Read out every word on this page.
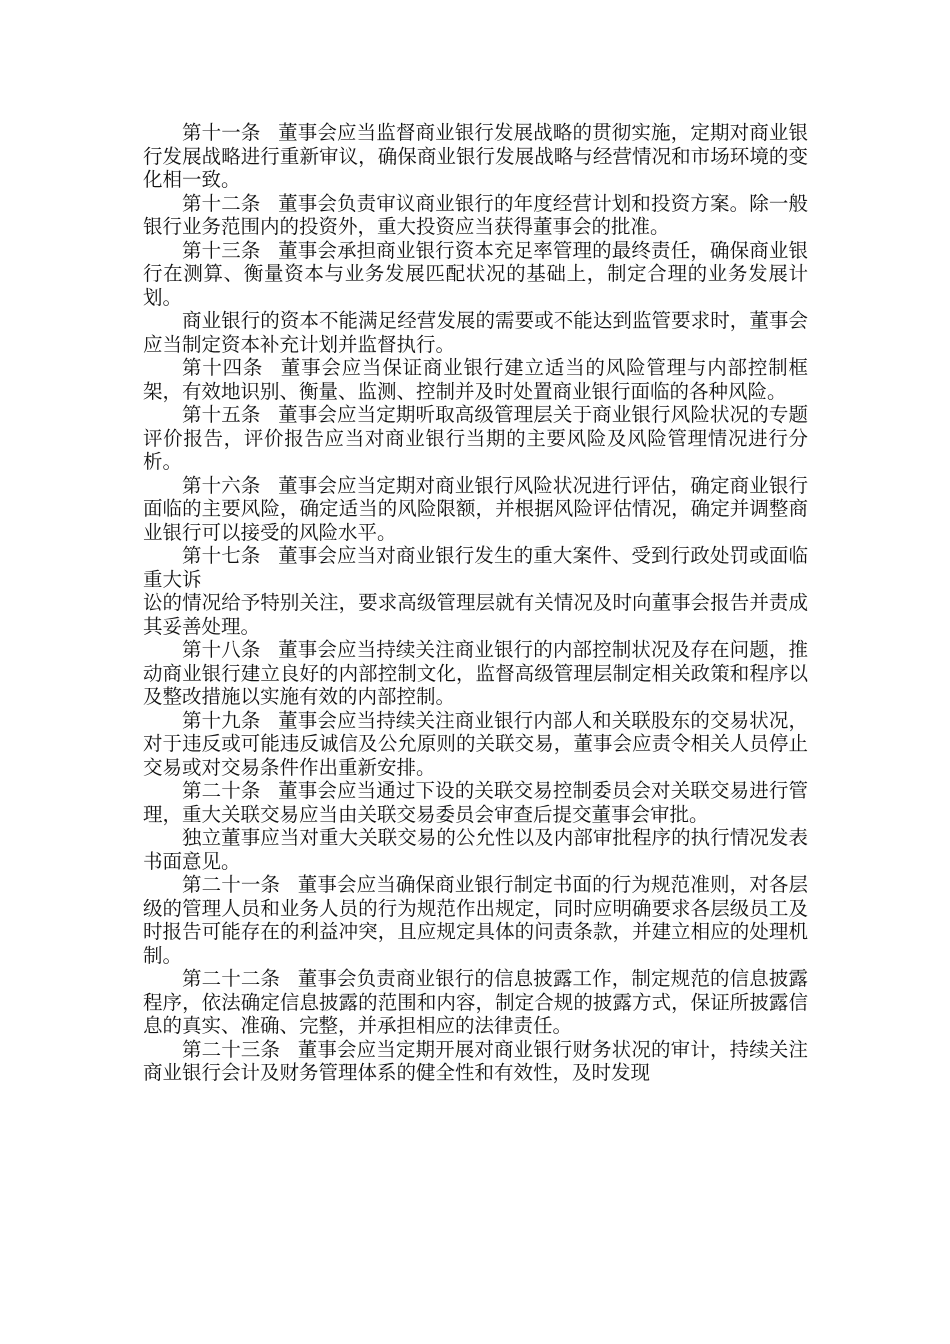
第十一条 董事会应当监督商业银行发展战略的贯彻实施，定期对商业银行发展战略进行重新审议，确保商业银行发展战略与经营情况和市场环境的变化相一致。

第十二条 董事会负责审议商业银行的年度经营计划和投资方案。除一般银行业务范围内的投资外，重大投资应当获得董事会的批准。

第十三条 董事会承担商业银行资本充足率管理的最终责任，确保商业银行在测算、衡量资本与业务发展匹配状况的基础上，制定合理的业务发展计划。

商业银行的资本不能满足经营发展的需要或不能达到监管要求时，董事会应当制定资本补充计划并监督执行。

第十四条 董事会应当保证商业银行建立适当的风险管理与内部控制框架，有效地识别、衡量、监测、控制并及时处置商业银行面临的各种风险。

第十五条 董事会应当定期听取高级管理层关于商业银行风险状况的专题评价报告，评价报告应当对商业银行当期的主要风险及风险管理情况进行分析。

第十六条 董事会应当定期对商业银行风险状况进行评估，确定商业银行面临的主要风险，确定适当的风险限额，并根据风险评估情况，确定并调整商业银行可以接受的风险水平。

第十七条 董事会应当对商业银行发生的重大案件、受到行政处罚或面临重大诉

讼的情况给予特别关注，要求高级管理层就有关情况及时向董事会报告并责成其妥善处理。

第十八条 董事会应当持续关注商业银行的内部控制状况及存在问题，推动商业银行建立良好的内部控制文化，监督高级管理层制定相关政策和程序以及整改措施以实施有效的内部控制。

第十九条 董事会应当持续关注商业银行内部人和关联股东的交易状况，对于违反或可能违反诚信及公允原则的关联交易，董事会应责令相关人员停止交易或对交易条件作出重新安排。

第二十条 董事会应当通过下设的关联交易控制委员会对关联交易进行管理，重大关联交易应当由关联交易委员会审查后提交董事会审批。

独立董事应当对重大关联交易的公允性以及内部审批程序的执行情况发表书面意见。

第二十一条 董事会应当确保商业银行制定书面的行为规范准则，对各层级的管理人员和业务人员的行为规范作出规定，同时应明确要求各层级员工及时报告可能存在的利益冲突，且应规定具体的问责条款，并建立相应的处理机制。

第二十二条 董事会负责商业银行的信息披露工作，制定规范的信息披露程序，依法确定信息披露的范围和内容，制定合规的披露方式，保证所披露信息的真实、准确、完整，并承担相应的法律责任。

第二十三条 董事会应当定期开展对商业银行财务状况的审计，持续关注商业银行会计及财务管理体系的健全性和有效性，及时发现
